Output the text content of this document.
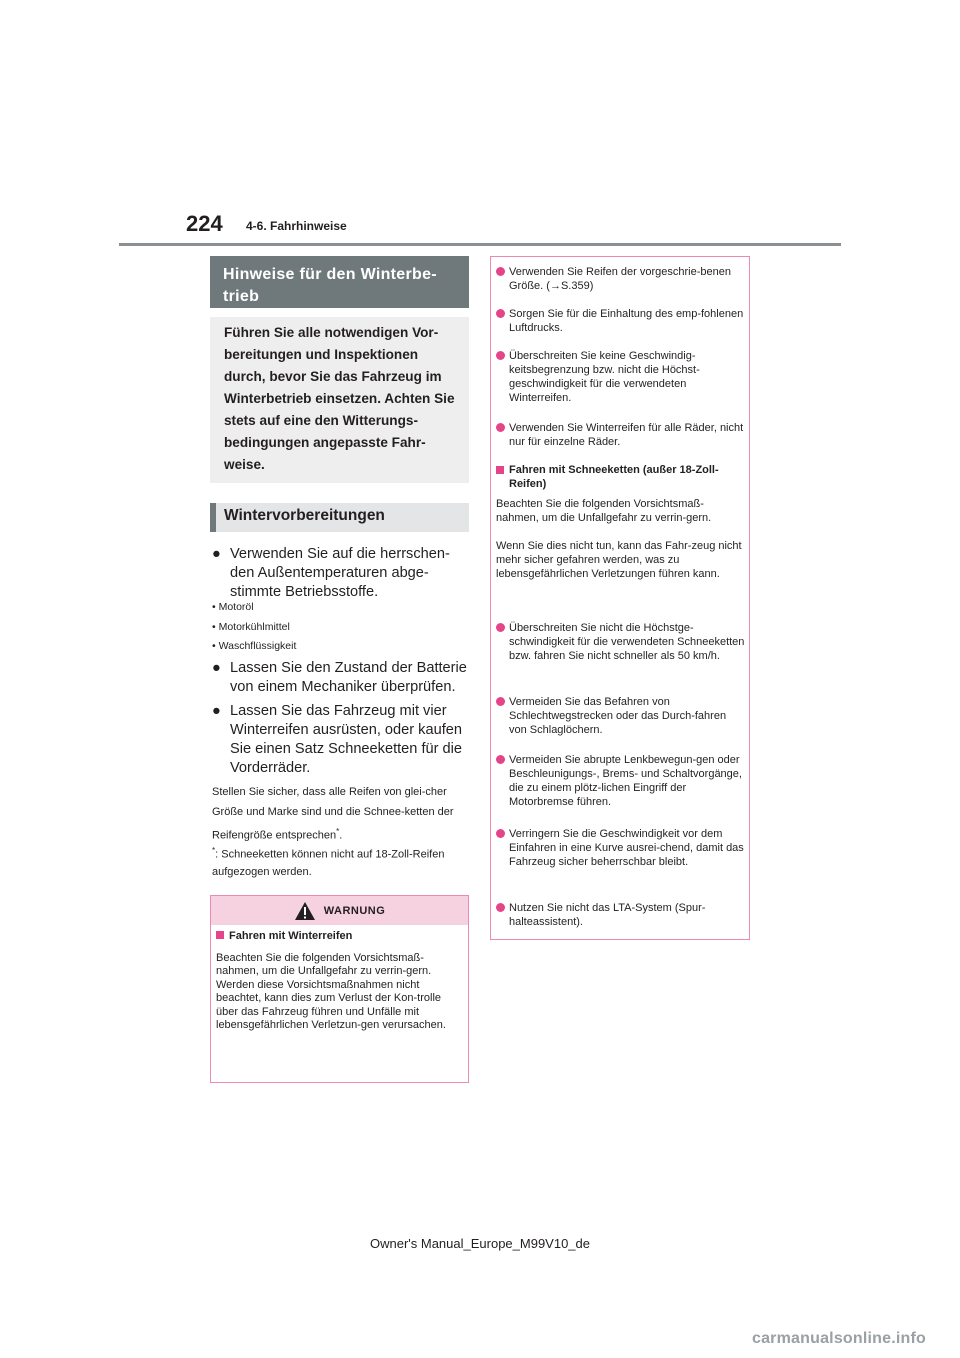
224 4-6. Fahrhinweise
Hinweise für den Winterbe-trieb
Führen Sie alle notwendigen Vor-bereitungen und Inspektionen durch, bevor Sie das Fahrzeug im Winterbetrieb einsetzen. Achten Sie stets auf eine den Witterungs-bedingungen angepasste Fahr-weise.
Wintervorbereitungen
● Verwenden Sie auf die herrschen-den Außentemperaturen abge-stimmte Betriebsstoffe.
• Motoröl
• Motorkühlmittel
• Waschflüssigkeit
● Lassen Sie den Zustand der Batterie von einem Mechaniker überprüfen.
● Lassen Sie das Fahrzeug mit vier Winterreifen ausrüsten, oder kaufen Sie einen Satz Schneeketten für die Vorderräder.
Stellen Sie sicher, dass alle Reifen von glei-cher Größe und Marke sind und die Schnee-ketten der Reifengröße entsprechen*.
*: Schneeketten können nicht auf 18-Zoll-Reifen aufgezogen werden.
WARNUNG
Fahren mit Winterreifen
Beachten Sie die folgenden Vorsichtsmaß-nahmen, um die Unfallgefahr zu verrin-gern.
Werden diese Vorsichtsmaßnahmen nicht beachtet, kann dies zum Verlust der Kon-trolle über das Fahrzeug führen und Unfälle mit lebensgefährlichen Verletzun-gen verursachen.
Verwenden Sie Reifen der vorgeschrie-benen Größe. (→S.359)
Sorgen Sie für die Einhaltung des emp-fohlenen Luftdrucks.
Überschreiten Sie keine Geschwindig-keitsbegrenzung bzw. nicht die Höchst-geschwindigkeit für die verwendeten Winterreifen.
Verwenden Sie Winterreifen für alle Räder, nicht nur für einzelne Räder.
Fahren mit Schneeketten (außer 18-Zoll-Reifen)
Beachten Sie die folgenden Vorsichtsmaß-nahmen, um die Unfallgefahr zu verrin-gern.
Wenn Sie dies nicht tun, kann das Fahr-zeug nicht mehr sicher gefahren werden, was zu lebensgefährlichen Verletzungen führen kann.
Überschreiten Sie nicht die Höchstge-schwindigkeit für die verwendeten Schneeketten bzw. fahren Sie nicht schneller als 50 km/h.
Vermeiden Sie das Befahren von Schlechtwegstrecken oder das Durch-fahren von Schlaglöchern.
Vermeiden Sie abrupte Lenkbewegun-gen oder Beschleunigungs-, Brems- und Schaltvorgänge, die zu einem plötz-lichen Eingriff der Motorbremse führen.
Verringern Sie die Geschwindigkeit vor dem Einfahren in eine Kurve ausrei-chend, damit das Fahrzeug sicher beherrschbar bleibt.
Nutzen Sie nicht das LTA-System (Spur-halteassistent).
Owner's Manual_Europe_M99V10_de
carmanualsonline.info
